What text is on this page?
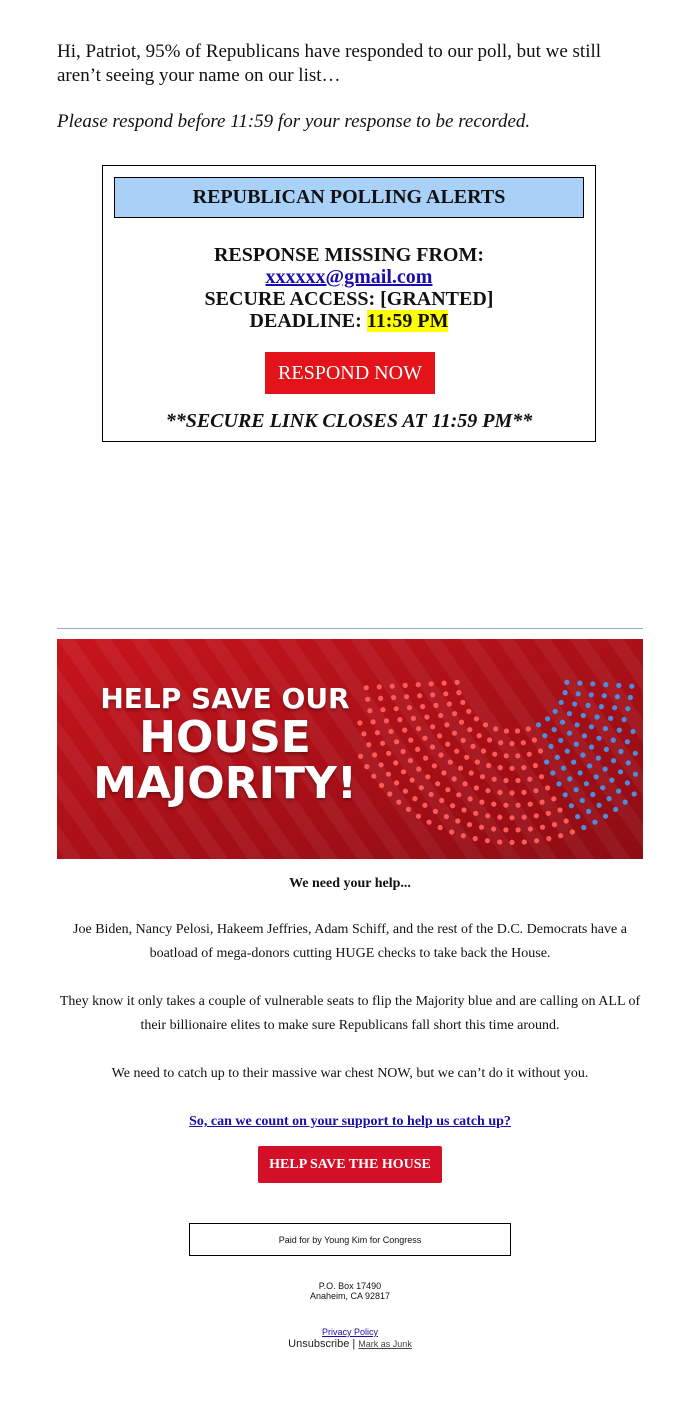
Hi, Patriot, 95% of Republicans have responded to our poll, but we still aren’t seeing your name on our list…

Please respond before 11:59 for your response to be recorded.

REPUBLICAN POLLING ALERTS
RESPONSE MISSING FROM:
xxxxxx@gmail.com
SECURE ACCESS: [GRANTED]
DEADLINE: 11:59 PM
RESPOND NOW
**SECURE LINK CLOSES AT 11:59 PM**
HELP SAVE OUR
HOUSE
MAJORITY!

We need your help...

Joe Biden, Nancy Pelosi, Hakeem Jeffries, Adam Schiff, and the rest of the D.C. Democrats have a boatload of mega-donors cutting HUGE checks to take back the House.

They know it only takes a couple of vulnerable seats to flip the Majority blue and are calling on ALL of their billionaire elites to make sure Republicans fall short this time around.

We need to catch up to their massive war chest NOW, but we can’t do it without you.

So, can we count on your support to help us catch up?
HELP SAVE THE HOUSE
Paid for by Young Kim for Congress
P.O. Box 17490
Anaheim, CA 92817
Privacy Policy
Unsubscribe | Mark as Junk
